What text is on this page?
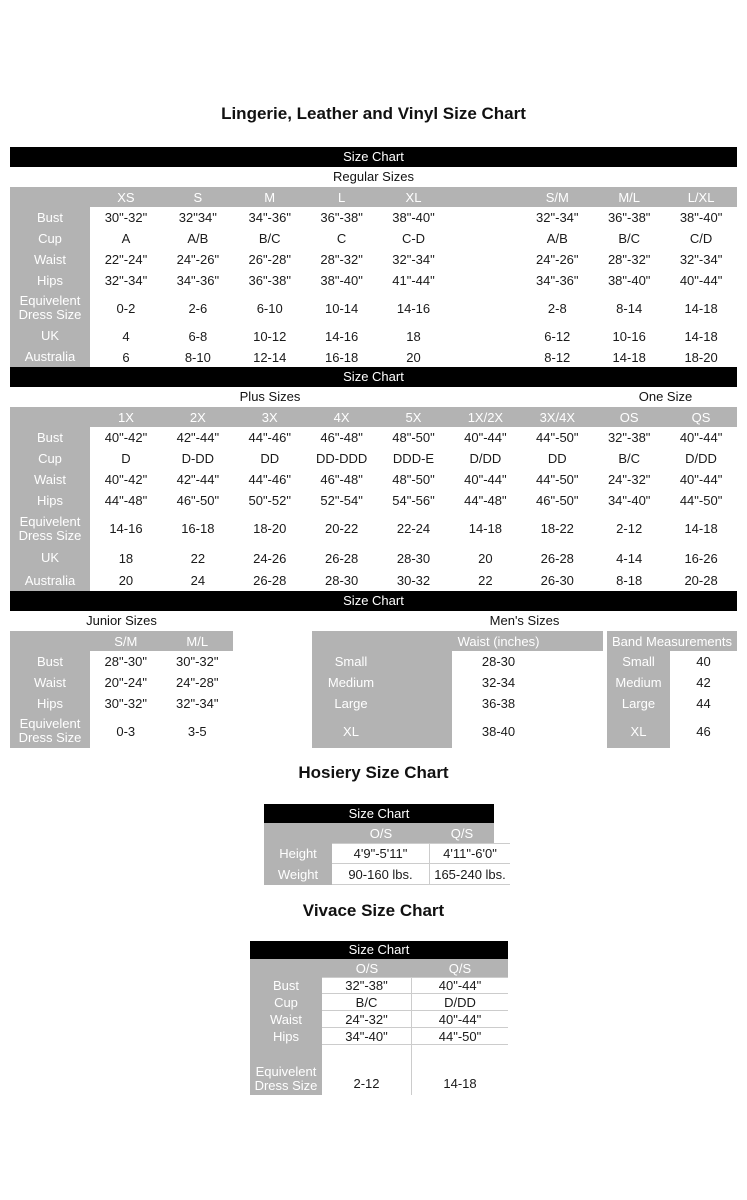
Lingerie, Leather and Vinyl Size Chart
Size Chart
Regular Sizes
XS	S	M	L	XL	S/M	M/L	L/XL
Bust	30"-32"	32"34"	34"-36"	36"-38"	38"-40"	32"-34"	36"-38"	38"-40"
Cup	A	A/B	B/C	C	C-D	A/B	B/C	C/D
Waist	22"-24"	24"-26"	26"-28"	28"-32"	32"-34"	24"-26"	28"-32"	32"-34"
Hips	32"-34"	34"-36"	36"-38"	38"-40"	41"-44"	34"-36"	38"-40"	40"-44"
Equivelent Dress Size	0-2	2-6	6-10	10-14	14-16	2-8	8-14	14-18
UK	4	6-8	10-12	14-16	18	6-12	10-16	14-18
Australia	6	8-10	12-14	16-18	20	8-12	14-18	18-20
Size Chart
Plus Sizes	One Size
1X	2X	3X	4X	5X	1X/2X	3X/4X	OS	QS
Bust	40"-42"	42"-44"	44"-46"	46"-48"	48"-50"	40"-44"	44"-50"	32"-38"	40"-44"
Cup	D	D-DD	DD	DD-DDD	DDD-E	D/DD	DD	B/C	D/DD
Waist	40"-42"	42"-44"	44"-46"	46"-48"	48"-50"	40"-44"	44"-50"	24"-32"	40"-44"
Hips	44"-48"	46"-50"	50"-52"	52"-54"	54"-56"	44"-48"	46"-50"	34"-40"	44"-50"
Equivelent Dress Size	14-16	16-18	18-20	20-22	22-24	14-18	18-22	2-12	14-18
UK	18	22	24-26	26-28	28-30	20	26-28	4-14	16-26
Australia	20	24	26-28	28-30	30-32	22	26-30	8-18	20-28
Size Chart
Junior Sizes	Men's Sizes
S/M	M/L
Bust	28"-30"	30"-32"
Waist	20"-24"	24"-28"
Hips	30"-32"	32"-34"
Equivelent Dress Size	0-3	3-5
Waist (inches)	Band Measurements
Small	28-30	Small	40
Medium	32-34	Medium	42
Large	36-38	Large	44
XL	38-40	XL	46
Hosiery Size Chart
Size Chart
O/S	Q/S
Height	4'9"-5'11"	4'11"-6'0"
Weight	90-160 lbs.	165-240 lbs.
Vivace Size Chart
Size Chart
O/S	Q/S
Bust	32"-38"	40"-44"
Cup	B/C	D/DD
Waist	24"-32"	40"-44"
Hips	34"-40"	44"-50"
Equivelent Dress Size	2-12	14-18
